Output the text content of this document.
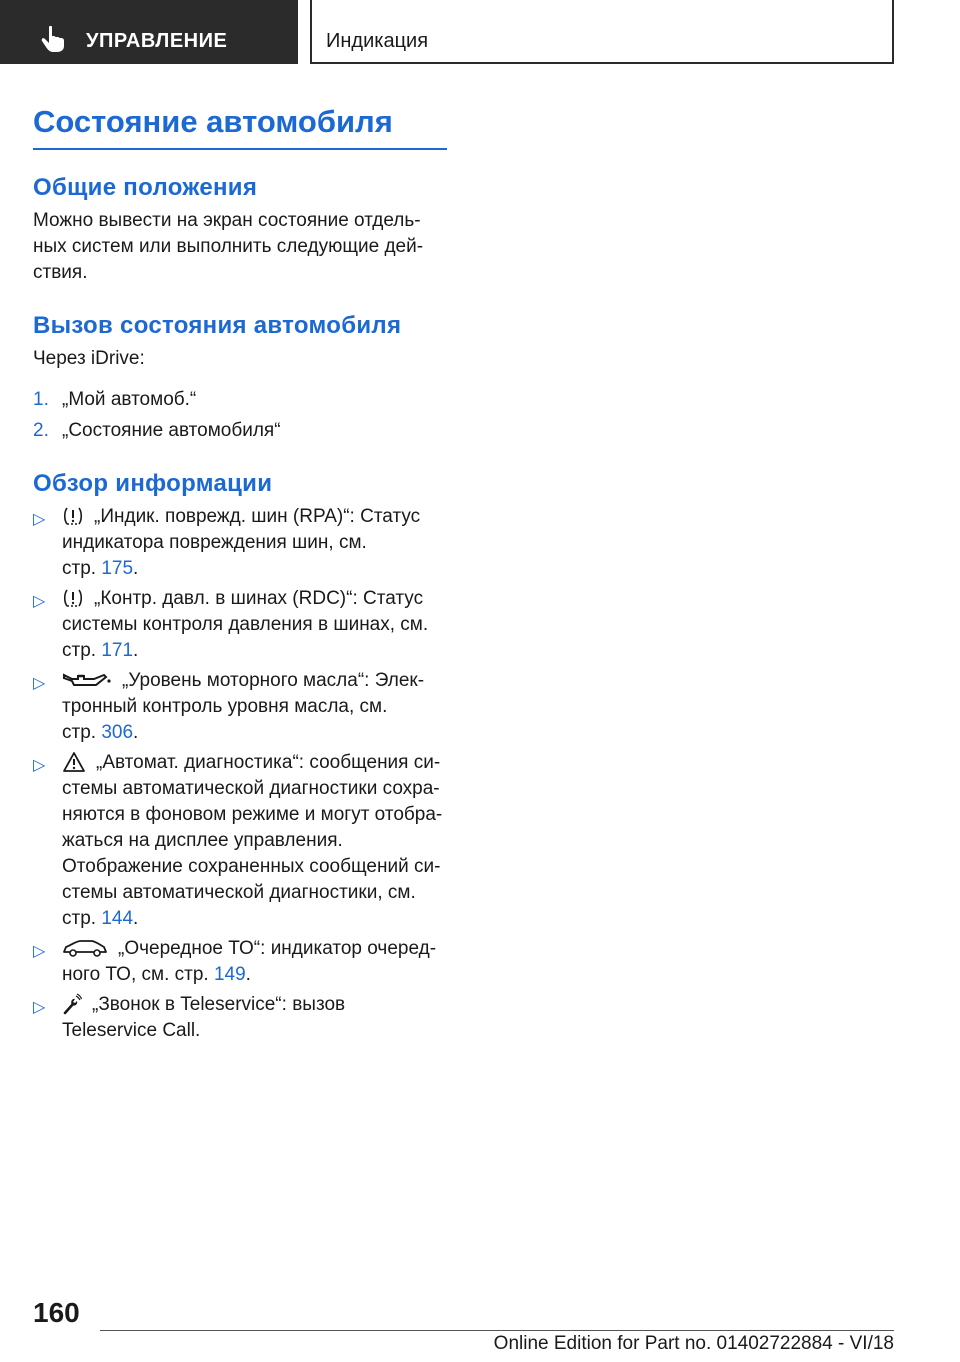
УПРАВЛЕНИЕ	Индикация
Состояние автомобиля
Общие положения
Можно вывести на экран состояние отдель-
ных систем или выполнить следующие дей-
ствия.
Вызов состояния автомобиля
Через iDrive:
1. „Мой автомоб.“
2. „Состояние автомобиля“
Обзор информации
▷	„Индик. поврежд. шин (RPA)“: Статус
индикатора повреждения шин, см.
стр. 175.
▷	„Контр. давл. в шинах (RDC)“: Статус
системы контроля давления в шинах, см.
стр. 171.
▷	„Уровень моторного масла“: Элек-
тронный контроль уровня масла, см.
стр. 306.
▷	„Автомат. диагностика“: сообщения си-
стемы автоматической диагностики сохра-
няются в фоновом режиме и могут отобра-
жаться на дисплее управления.
Отображение сохраненных сообщений си-
стемы автоматической диагностики, см.
стр. 144.
▷	„Очередное ТО“: индикатор очеред-
ного ТО, см. стр. 149.
▷	„Звонок в Teleservice“: вызов
Teleservice Call.
160
Online Edition for Part no. 01402722884 - VI/18
